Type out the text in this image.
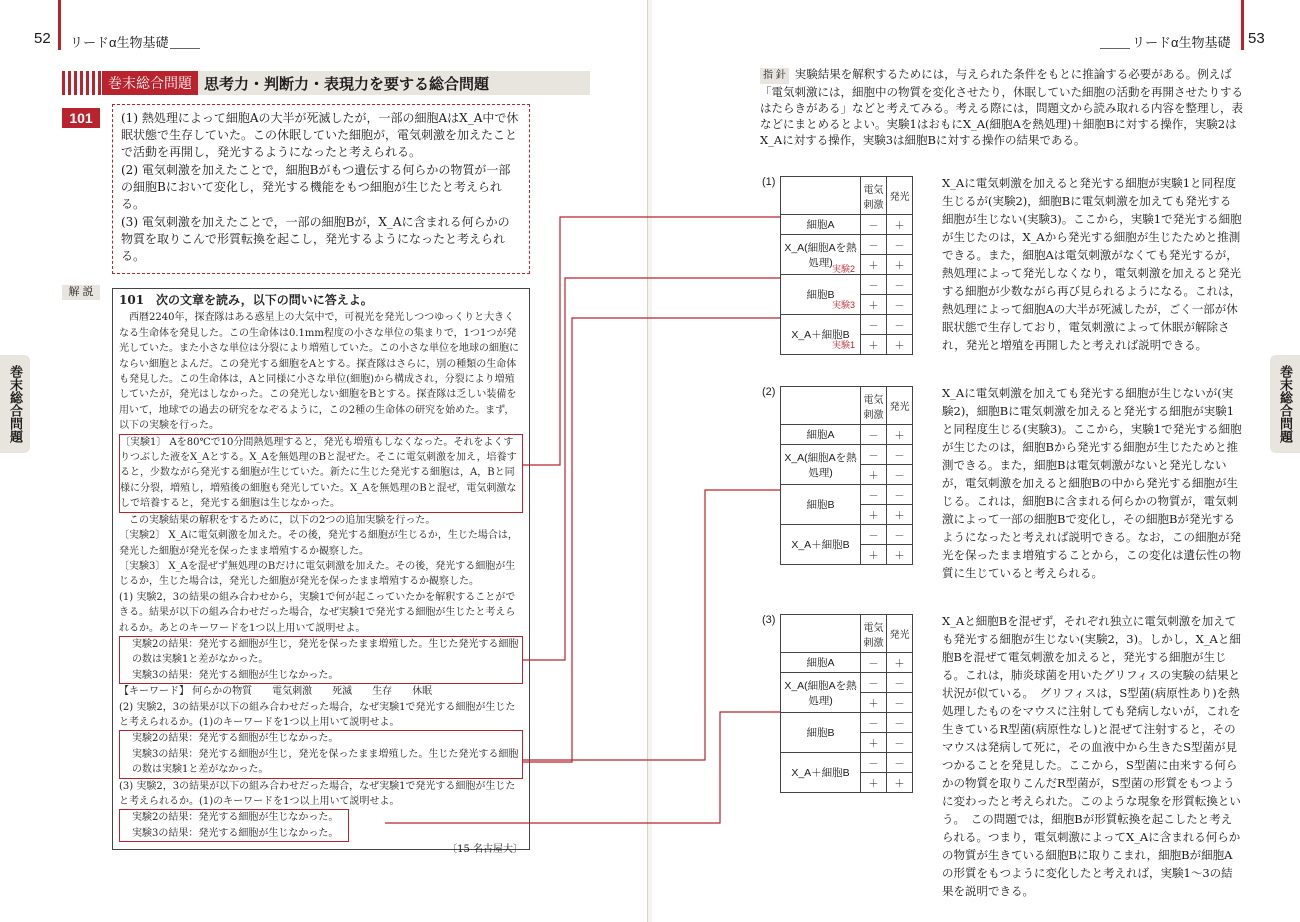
52 リードα生物基礎	53
リードα生物基礎
巻末総合問題 思考力・判断力・表現力を要する総合問題
101	(1) 熱処理によって細胞Aの大半が死滅したが，一部の細胞AはX_A中で休眠状態で生存していた。この休眠していた細胞が，電気刺激を加えたことで活動を再開し，発光するようになったと考えられる。

(2) 電気刺激を加えたことで，細胞Bがもつ遺伝する何らかの物質が一部の細胞Bにおいて変化し，発光する機能をもつ細胞が生じたと考えられる。

(3) 電気刺激を加えたことで，一部の細胞Bが，X_Aに含まれる何らかの物質を取りこんで形質転換を起こし，発光するようになったと考えられる。

解 説

101　次の文章を読み，以下の問いに答えよ。

　西暦2240年，探査隊はある惑星上の大気中で，可視光を発光しつつゆっくりと大きくなる生命体を発見した。この生命体は0.1mm程度の小さな単位の集まりで，1つ1つが発光していた。また小さな単位は分裂により増殖していた。この小さな単位を地球の細胞にならい細胞とよんだ。この発光する細胞をAとする。探査隊はさらに，別の種類の生命体も発見した。この生命体は，Aと同様に小さな単位(細胞)から構成され，分裂により増殖していたが，発光はしなかった。この発光しない細胞をBとする。探査隊は乏しい装備を用いて，地球での過去の研究をなぞるように，この2種の生命体の研究を始めた。まず，以下の実験を行った。

〔実験1〕 Aを80℃で10分間熱処理すると，発光も増殖もしなくなった。それをよくすりつぶした液をX_Aとする。X_Aを無処理のBと混ぜた。そこに電気刺激を加え，培養すると，少数ながら発光する細胞が生じていた。新たに生じた発光する細胞は，A，Bと同様に分裂，増殖し，増殖後の細胞も発光していた。X_Aを無処理のBと混ぜ，電気刺激なしで培養すると，発光する細胞は生じなかった。

　この実験結果の解釈をするために，以下の2つの追加実験を行った。

〔実験2〕 X_Aに電気刺激を加えた。その後，発光する細胞が生じるか，生じた場合は，発光した細胞が発光を保ったまま増殖するか観察した。

〔実験3〕 X_Aを混ぜず無処理のBだけに電気刺激を加えた。その後，発光する細胞が生じるか，生じた場合は，発光した細胞が発光を保ったまま増殖するか観察した。

(1) 実験2，3の結果の組み合わせから，実験1で何が起こっていたかを解釈することができる。結果が以下の組み合わせだった場合，なぜ実験1で発光する細胞が生じたと考えられるか。あとのキーワードを1つ以上用いて説明せよ。

実験2の結果：発光する細胞が生じ，発光を保ったまま増殖した。生じた発光する細胞の数は実験1と差がなかった。

実験3の結果：発光する細胞が生じなかった。

【キーワード】 何らかの物質　　電気刺激　　死滅　　生存　　休眠

(2) 実験2，3の結果が以下の組み合わせだった場合，なぜ実験1で発光する細胞が生じたと考えられるか。(1)のキーワードを1つ以上用いて説明せよ。

実験2の結果：発光する細胞が生じなかった。

実験3の結果：発光する細胞が生じ，発光を保ったまま増殖した。生じた発光する細胞の数は実験1と差がなかった。

(3) 実験2，3の結果が以下の組み合わせだった場合，なぜ実験1で発光する細胞が生じたと考えられるか。(1)のキーワードを1つ以上用いて説明せよ。

実験2の結果：発光する細胞が生じなかった。

実験3の結果：発光する細胞が生じなかった。

〔15 名古屋大〕

巻末総合問題	巻末総合問題
指 針 実験結果を解釈するためには，与えられた条件をもとに推論する必要がある。例えば「電気刺激には，細胞中の物質を変化させたり，休眠していた細胞の活動を再開させたりするはたらきがある」などと考えてみる。考える際には，問題文から読み取れる内容を整理し，表などにまとめるとよい。実験1はおもにX_A(細胞Aを熱処理)＋細胞Bに対する操作，実験2はX_Aに対する操作，実験3は細胞Bに対する操作の結果である。
(1)
(2)
(3)
	電気刺激	発光
細胞A	－	＋
X_A(細胞Aを熱処理)	－	－
	＋	＋
細胞B	－	－
	＋	－
X_A＋細胞B	－	－
	＋	＋
実験2
実験3
実験1
	電気刺激	発光
細胞A	－	＋
X_A(細胞Aを熱処理)	－	－
	＋	－
細胞B	－	－
	＋	＋
X_A＋細胞B	－	－
	＋	＋
	電気刺激	発光
細胞A	－	＋
X_A(細胞Aを熱処理)	－	－
	＋	－
細胞B	－	－
	＋	－
X_A＋細胞B	－	－
	＋	＋
X_Aに電気刺激を加えると発光する細胞が実験1と同程度生じるが(実験2)，細胞Bに電気刺激を加えても発光する細胞が生じない(実験3)。ここから，実験1で発光する細胞が生じたのは，X_Aから発光する細胞が生じたためと推測できる。また，細胞Aは電気刺激がなくても発光するが，熱処理によって発光しなくなり，電気刺激を加えると発光する細胞が少数ながら再び見られるようになる。これは，熱処理によって細胞Aの大半が死滅したが，ごく一部が休眠状態で生存しており，電気刺激によって休眠が解除され，発光と増殖を再開したと考えれば説明できる。
X_Aに電気刺激を加えても発光する細胞が生じないが(実験2)，細胞Bに電気刺激を加えると発光する細胞が実験1と同程度生じる(実験3)。ここから，実験1で発光する細胞が生じたのは，細胞Bから発光する細胞が生じたためと推測できる。また，細胞Bは電気刺激がないと発光しないが，電気刺激を加えると細胞Bの中から発光する細胞が生じる。これは，細胞Bに含まれる何らかの物質が，電気刺激によって一部の細胞Bで変化し，その細胞Bが発光するようになったと考えれば説明できる。なお，この細胞が発光を保ったまま増殖することから，この変化は遺伝性の物質に生じていると考えられる。
X_Aと細胞Bを混ぜず，それぞれ独立に電気刺激を加えても発光する細胞が生じない(実験2，3)。しかし，X_Aと細胞Bを混ぜて電気刺激を加えると，発光する細胞が生じる。これは，肺炎球菌を用いたグリフィスの実験の結果と状況が似ている。　グリフィスは，S型菌(病原性あり)を熱処理したものをマウスに注射しても発病しないが，これを生きているR型菌(病原性なし)と混ぜて注射すると，そのマウスは発病して死に，その血液中から生きたS型菌が見つかることを発見した。ここから，S型菌に由来する何らかの物質を取りこんだR型菌が，S型菌の形質をもつように変わったと考えられた。このような現象を形質転換という。　この問題では，細胞Bが形質転換を起こしたと考えられる。つまり，電気刺激によってX_Aに含まれる何らかの物質が生きている細胞Bに取りこまれ，細胞Bが細胞Aの形質をもつように変化したと考えれば，実験1〜3の結果を説明できる。
